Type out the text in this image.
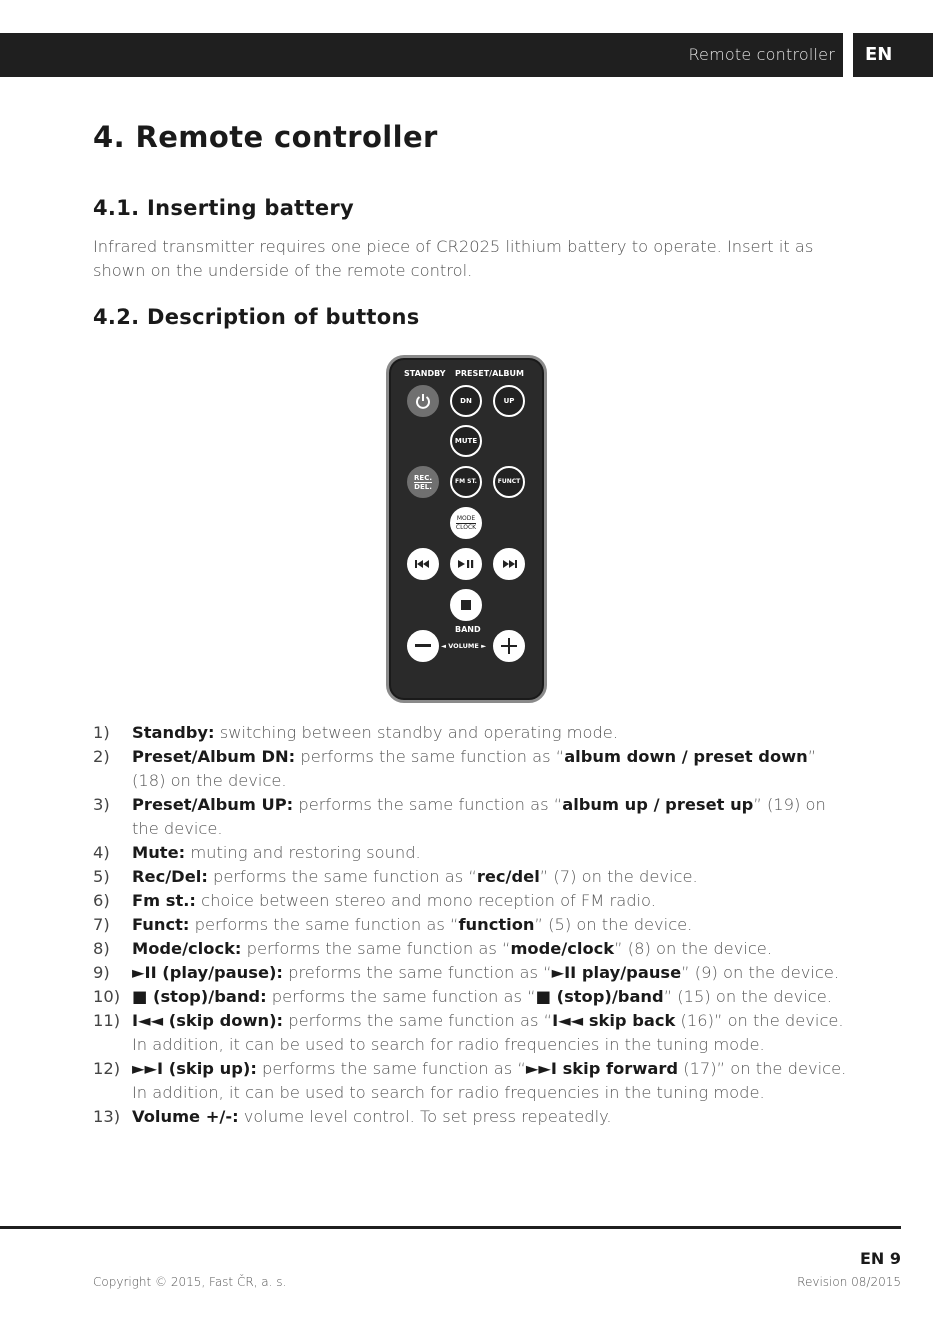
Remote controller	EN
4. Remote controller
4.1. Inserting battery

Infrared transmitter requires one piece of CR2025 lithium battery to operate. Insert it as shown on the underside of the remote control.

4.2. Description of buttons
STANDBY PRESET/ALBUM
DN	UP
MUTE
REC.
DEL.
FM ST.	FUNCT
MODE
CLOCK
BAND
◄ VOLUME ►
1) Standby: switching between standby and operating mode.
2) Preset/Album DN: performs the same function as “album down / preset down” (18) on the device.
3) Preset/Album UP: performs the same function as “album up / preset up” (19) on the device.
4) Mute: muting and restoring sound.
5) Rec/Del: performs the same function as “rec/del” (7) on the device.
6) Fm st.: choice between stereo and mono reception of FM radio.
7) Funct: performs the same function as “function” (5) on the device.
8) Mode/clock: performs the same function as “mode/clock” (8) on the device.
9) ►II (play/pause): preforms the same function as “►II play/pause” (9) on the device.
10) ■ (stop)/band: performs the same function as “■ (stop)/band” (15) on the device.
11) I◄◄ (skip down): performs the same function as “I◄◄ skip back (16)” on the device. In addition, it can be used to search for radio frequencies in the tuning mode.
12) ►►I (skip up): performs the same function as “►►I skip forward (17)” on the device. In addition, it can be used to search for radio frequencies in the tuning mode.
13) Volume +/-: volume level control. To set press repeatedly.
EN 9
Copyright © 2015, Fast ČR, a. s.	Revision 08/2015
